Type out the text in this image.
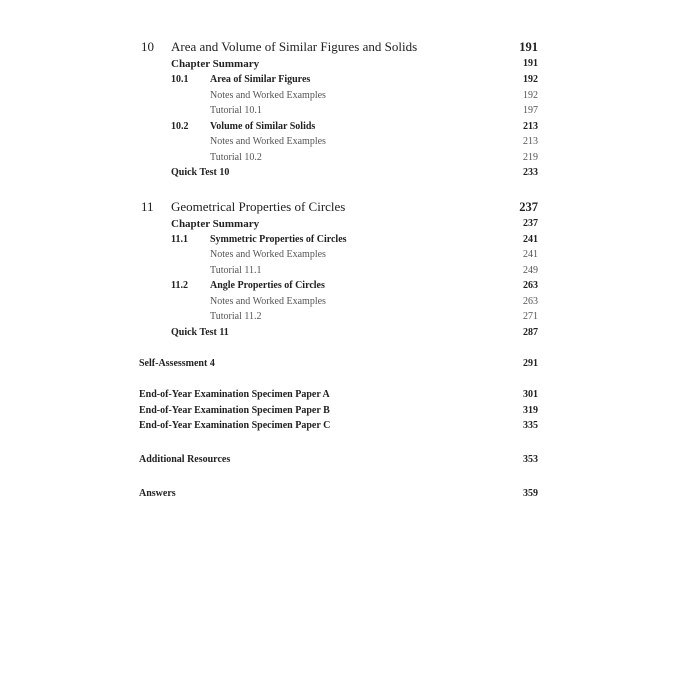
10 Area and Volume of Similar Figures and Solids	191
Chapter Summary	191
10.1 Area of Similar Figures	192
Notes and Worked Examples	192
Tutorial 10.1	197
10.2 Volume of Similar Solids	213
Notes and Worked Examples	213
Tutorial 10.2	219
Quick Test 10	233
11 Geometrical Properties of Circles	237
Chapter Summary	237
11.1 Symmetric Properties of Circles	241
Notes and Worked Examples	241
Tutorial 11.1	249
11.2 Angle Properties of Circles	263
Notes and Worked Examples	263
Tutorial 11.2	271
Quick Test 11	287
Self-Assessment 4	291
End-of-Year Examination Specimen Paper A	301
End-of-Year Examination Specimen Paper B	319
End-of-Year Examination Specimen Paper C	335
Additional Resources	353
Answers	359
